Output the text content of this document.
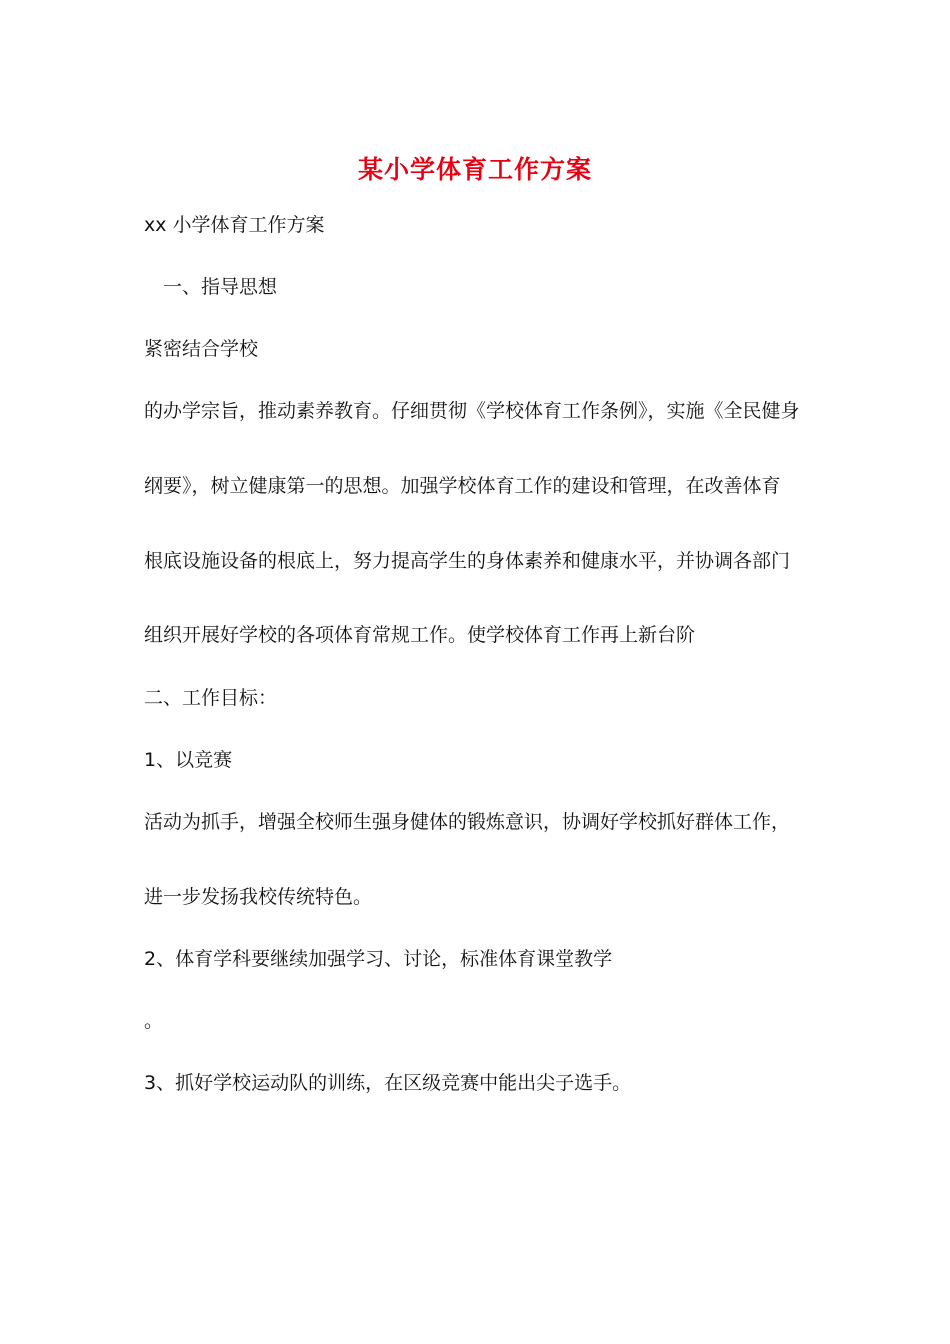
某小学体育工作方案
xx 小学体育工作方案
一、指导思想
紧密结合学校
的办学宗旨，推动素养教育。仔细贯彻《学校体育工作条例》，实施《全民健身
纲要》，树立健康第一的思想。加强学校体育工作的建设和管理，在改善体育
根底设施设备的根底上，努力提高学生的身体素养和健康水平，并协调各部门
组织开展好学校的各项体育常规工作。使学校体育工作再上新台阶
二、工作目标：
1、以竞赛
活动为抓手，增强全校师生强身健体的锻炼意识，协调好学校抓好群体工作，
进一步发扬我校传统特色。
2、体育学科要继续加强学习、讨论，标准体育课堂教学
。
3、抓好学校运动队的训练，在区级竞赛中能出尖子选手。
